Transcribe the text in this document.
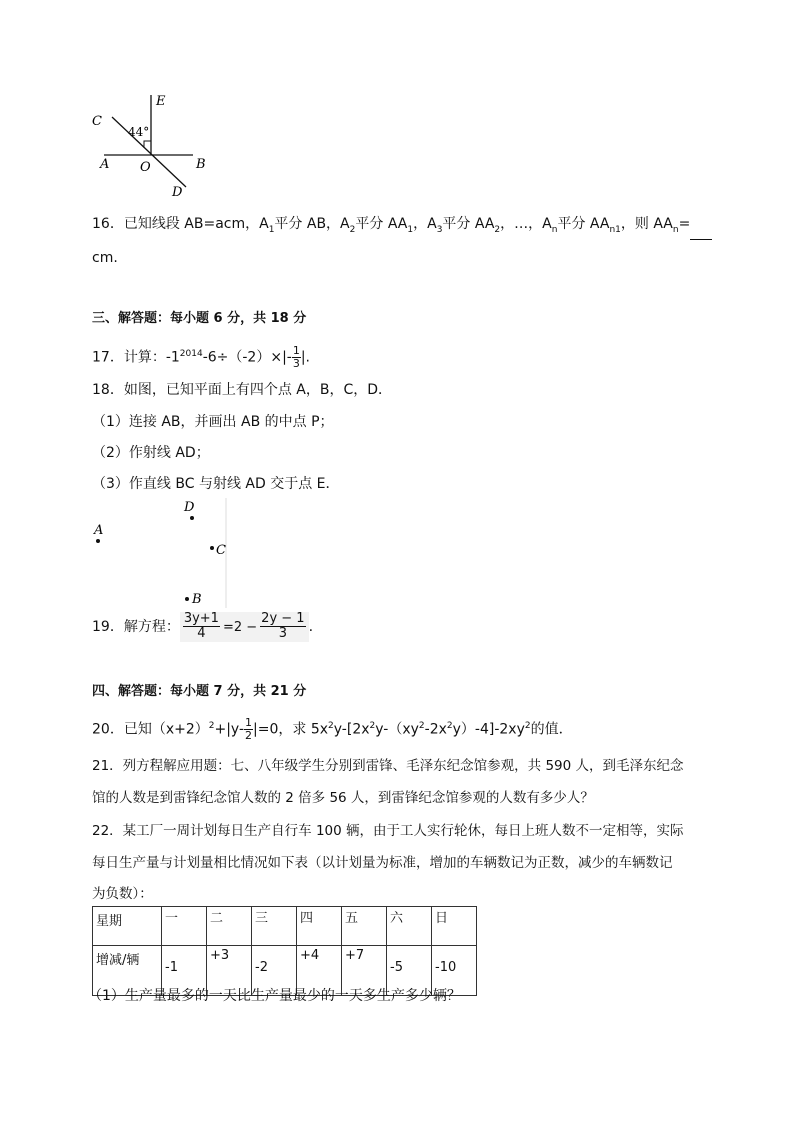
C
E
44°
A O	B
D
16．已知线段 AB=acm，$A_1$平分 AB，$A_2$平分 $AA_1$，$A_3$平分 $AA_2$，…，$A_n$平分 $AA_{n1}$，则 $AA_n=$
cm.
三、解答题：每小题 6 分，共 18 分
17．计算：$-1^{2014}-6\div(-2)\times|- \frac{1}{3}$ |.
18．如图，已知平面上有四个点 A，B，C，D．
（1）连接 AB，并画出 AB 的中点 P；
（2）作射线 AD；
（3）作直线 BC 与射线 AD 交于点 E．
A
D
C
B
19．解方程： $\frac{3y+1}{4} =2 - \frac{2y - 1}{3}$ .
四、解答题：每小题 7 分，共 21 分
20．已知$(x+2)^2+|y- \frac{1}{2} |=0$，求 $5x^2y-[2x^2y-(xy^2-2x^2y)-4]-2xy^2$的值．
21．列方程解应用题：七、八年级学生分别到雷锋、毛泽东纪念馆参观，共 590 人，到毛泽东纪念
馆的人数是到雷锋纪念馆人数的 2 倍多 56 人，到雷锋纪念馆参观的人数有多少人？
22．某工厂一周计划每日生产自行车 100 辆，由于工人实行轮休，每日上班人数不一定相等，实际
每日生产量与计划量相比情况如下表（以计划量为标准，增加的车辆数记为正数，减少的车辆数记
为负数）：
星期	一	二	三	四	五	六	日
增减/辆	-1	+3	-2	+4	+7	-5	-10
（1）生产量最多的一天比生产量最少的一天多生产多少辆？
